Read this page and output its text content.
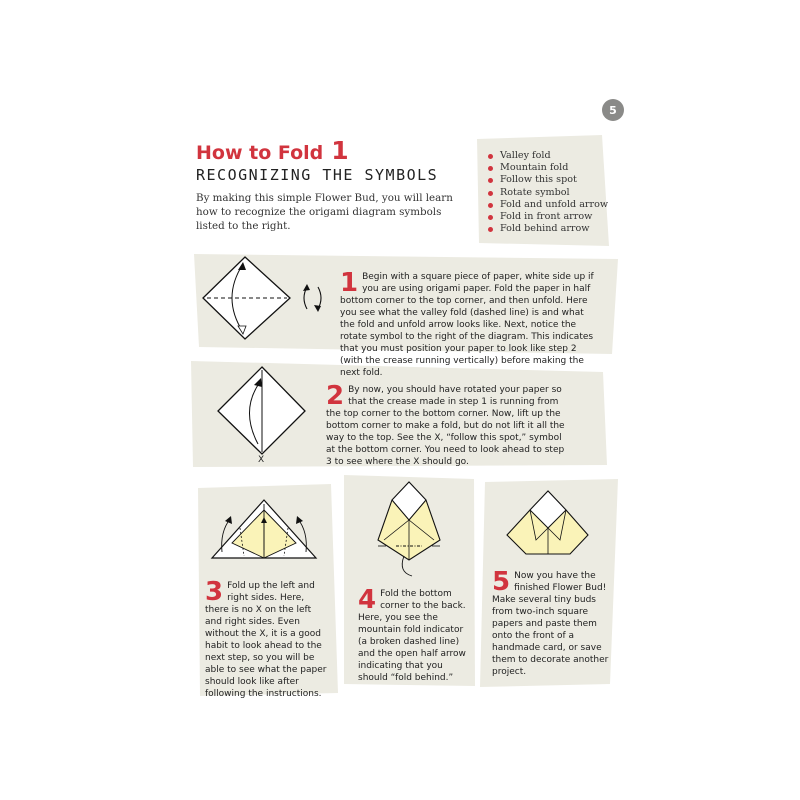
5
How to Fold 1
RECOGNIZING THE SYMBOLS

By making this simple Flower Bud, you will learn how to recognize the origami diagram symbols listed to the right.

Valley fold
Mountain fold
Follow this spot
Rotate symbol
Fold and unfold arrow
Fold in front arrow
Fold behind arrow
X

1 Begin with a square piece of paper, white side up if you are using origami paper. Fold the paper in half bottom corner to the top corner, and then unfold. Here you see what the valley fold (dashed line) is and what the fold and unfold arrow looks like. Next, notice the rotate symbol to the right of the diagram. This indicates that you must position your paper to look like step 2 (with the crease running vertically) before making the next fold.

2 By now, you should have rotated your paper so that the crease made in step 1 is running from the top corner to the bottom corner. Now, lift up the bottom corner to make a fold, but do not lift it all the way to the top. See the X, “follow this spot,” symbol at the bottom corner. You need to look ahead to step 3 to see where the X should go.

3 Fold up the left and right sides. Here, there is no X on the left and right sides. Even without the X, it is a good habit to look ahead to the next step, so you will be able to see what the paper should look like after following the instructions.

4 Fold the bottom corner to the back. Here, you see the mountain fold indicator (a broken dashed line) and the open half arrow indicating that you should “fold behind.”

5 Now you have the finished Flower Bud! Make several tiny buds from two-inch square papers and paste them onto the front of a handmade card, or save them to decorate another project.
